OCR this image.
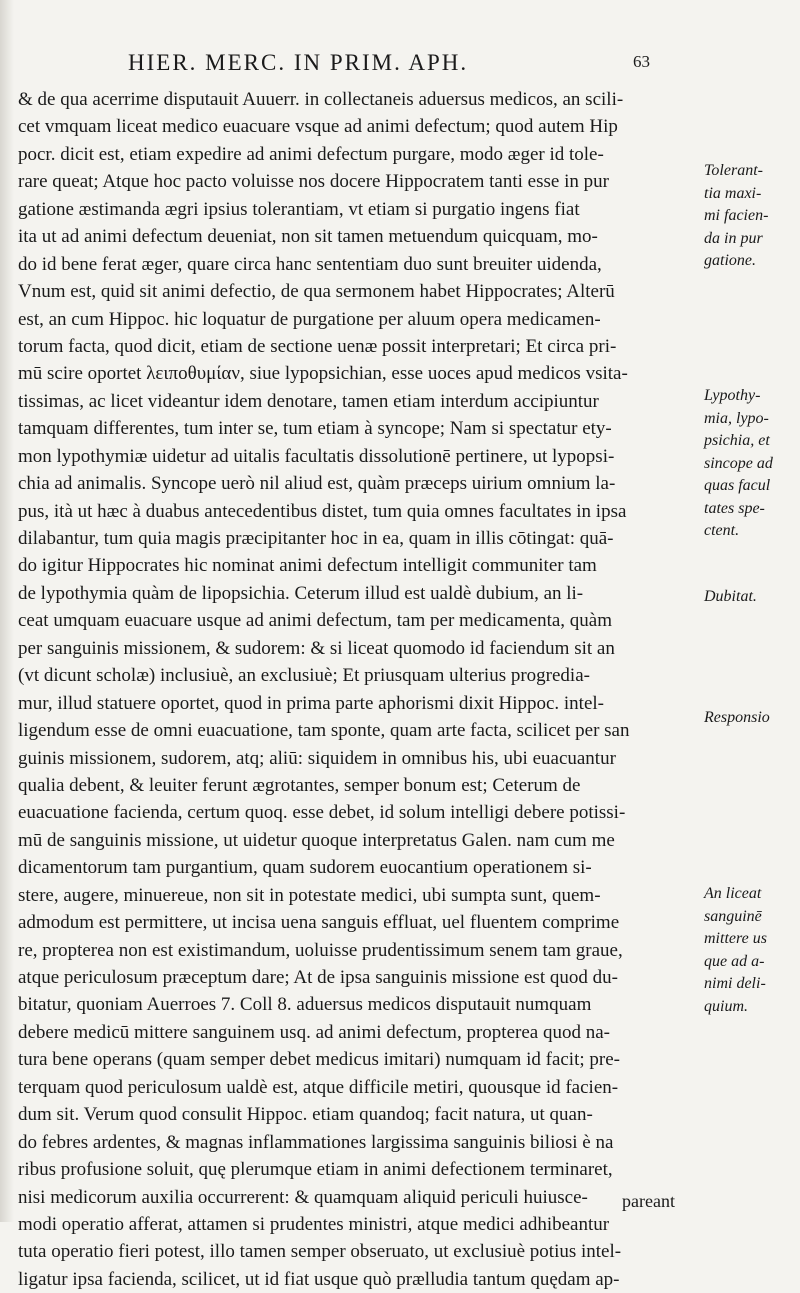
HIER. MERC. IN PRIM. APH.	63
& de qua acerrime disputauit Auuerr. in collectaneis aduersus medicos, an scili-
cet vmquam liceat medico euacuare vsque ad animi defectum; quod autem Hip
pocr. dicit est, etiam expedire ad animi defectum purgare, modo æger id tole-
rare queat; Atque hoc pacto voluisse nos docere Hippocratem tanti esse in pur
gatione æstimanda ægri ipsius tolerantiam, vt etiam si purgatio ingens fiat
ita ut ad animi defectum deueniat, non sit tamen metuendum quicquam, mo-
do id bene ferat æger, quare circa hanc sententiam duo sunt breuiter uidenda,
Vnum est, quid sit animi defectio, de qua sermonem habet Hippocrates; Alterū
est, an cum Hippoc. hic loquatur de purgatione per aluum opera medicamen-
torum facta, quod dicit, etiam de sectione uenæ possit interpretari; Et circa pri-
mū scire oportet λειποθυμίαν, siue lypopsichian, esse uoces apud medicos vsita-
tissimas, ac licet videantur idem denotare, tamen etiam interdum accipiuntur
tamquam differentes, tum inter se, tum etiam à syncope; Nam si spectatur ety-
mon lypothymiæ uidetur ad uitalis facultatis dissolutionē pertinere, ut lypopsi-
chia ad animalis. Syncope uerò nil aliud est, quàm præceps uirium omnium la-
pus, ità ut hæc à duabus antecedentibus distet, tum quia omnes facultates in ipsa
dilabantur, tum quia magis præcipitanter hoc in ea, quam in illis cōtingat: quā-
do igitur Hippocrates hic nominat animi defectum intelligit communiter tam
de lypothymia quàm de lipopsichia. Ceterum illud est ualdè dubium, an li-
ceat umquam euacuare usque ad animi defectum, tam per medicamenta, quàm
per sanguinis missionem, & sudorem: & si liceat quomodo id faciendum sit an
(vt dicunt scholæ) inclusiuè, an exclusiuè; Et priusquam ulterius progredia-
mur, illud statuere oportet, quod in prima parte aphorismi dixit Hippoc. intel-
ligendum esse de omni euacuatione, tam sponte, quam arte facta, scilicet per san
guinis missionem, sudorem, atq; aliū: siquidem in omnibus his, ubi euacuantur
qualia debent, & leuiter ferunt ægrotantes, semper bonum est; Ceterum de
euacuatione facienda, certum quoq. esse debet, id solum intelligi debere potissi-
mū de sanguinis missione, ut uidetur quoque interpretatus Galen. nam cum me
dicamentorum tam purgantium, quam sudorem euocantium operationem si-
stere, augere, minuereue, non sit in potestate medici, ubi sumpta sunt, quem-
admodum est permittere, ut incisa uena sanguis effluat, uel fluentem comprime
re, propterea non est existimandum, uoluisse prudentissimum senem tam graue,
atque periculosum præceptum dare; At de ipsa sanguinis missione est quod du-
bitatur, quoniam Auerroes 7. Coll 8. aduersus medicos disputauit numquam
debere medicū mittere sanguinem usq. ad animi defectum, propterea quod na-
tura bene operans (quam semper debet medicus imitari) numquam id facit; pre-
terquam quod periculosum ualdè est, atque difficile metiri, quousque id facien-
dum sit. Verum quod consulit Hippoc. etiam quandoq; facit natura, ut quan-
do febres ardentes, & magnas inflammationes largissima sanguinis biliosi è na
ribus profusione soluit, quę plerumque etiam in animi defectionem terminaret,
nisi medicorum auxilia occurrerent: & quamquam aliquid periculi huiusce-
modi operatio afferat, attamen si prudentes ministri, atque medici adhibeantur
tuta operatio fieri potest, illo tamen semper obseruato, ut exclusiuè potius intel-
ligatur ipsa facienda, scilicet, ut id fiat usque quò prælludia tantum quędam ap-
pareant
Tolerant-
tia maxi-
mi facien-
da in pur
gatione.
Lypothy-
mia, lypo-
psichia, et
sincope ad
quas facul
tates spe-
ctent.
Dubitat.
Responsio
An liceat
sanguinē
mittere us
que ad a-
nimi deli-
quium.
